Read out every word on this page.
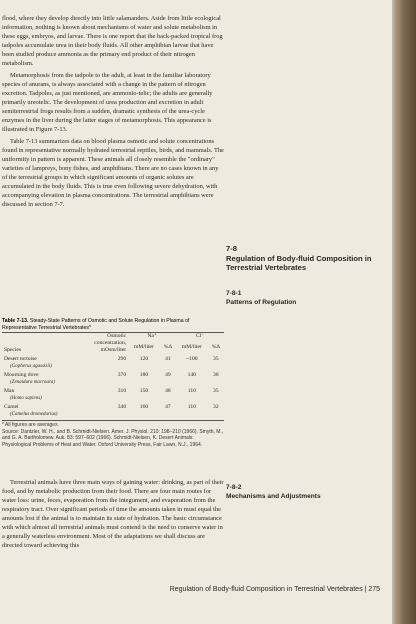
flood, where they develop directly into little salamanders. Aside from little ecological information, nothing is known about mechanisms of water and solute metabolism in these eggs, embryos, and larvae. There is one report that the back-packed tropical frog tadpoles accumulate urea in their body fluids. All other amphibian larvae that have been studied produce ammonia as the primary end product of their nitrogen metabolism.

Metamorphosis from the tadpole to the adult, at least in the familiar laboratory species of anurans, is always associated with a change in the pattern of nitrogen excretion. Tadpoles, as just mentioned, are ammonio-telic; the adults are generally primarily ureotelic. The development of urea production and excretion in adult semiterrestrial frogs results from a sudden, dramatic synthesis of the urea-cycle enzymes in the liver during the latter stages of metamorphosis. This appearance is illustrated in Figure 7-13.

Table 7-13 summarizes data on blood plasma osmotic and solute concentrations found in representative normally hydrated terrestrial reptiles, birds, and mammals. The uniformity in pattern is apparent. These animals all closely resemble the "ordinary" varieties of lampreys, bony fishes, and amphibians. There are no cases known in any of the terrestrial groups in which significant amounts of organic solutes are accumulated in the body fluids. This is true even following severe dehydration, with accompanying elevation in plasma concentrations. The terrestrial amphibians were discussed in section 7-7.

7-8
Regulation of Body-fluid Composition in Terrestrial Vertebrates
7-8-1
Patterns of Regulation
Table 7-13. Steady-State Patterns of Osmotic and Solute Regulation in Plasma of Representative Terrestrial Vertebrates*
Species	Osmotic concentration, mOsm/liter	Na⁺		Cl⁻	
		mM/liter	%Δ	mM/liter	%Δ
Desert tortoise
(Gopherus agassizii)	290	120	41	~100	35
Mourning dove
(Zenaidura macroura)	370	180	49	140	38
Man
(Homo sapiens)	310	150	48	110	35
Camel
(Camelus dromedarius)	340	160	47	110	32
* All figures are averages.
Source: Dantzler, W. H., and B. Schmidt-Nielsen. Amer. J. Physiol. 210: 198–210 (1966). Smyth, M., and G. A. Bartholomew. Auk. 83: 597–602 (1966). Schmidt-Nielsen, K. Desert Animals: Physiological Problems of Heat and Water. Oxford University Press, Fair Lawn, N.J., 1964.

Terrestrial animals have three main ways of gaining water: drinking, as part of their food, and by metabolic production from their food. There are four main routes for water loss: urine, feces, evaporation from the integument, and evaporation from the respiratory tract. Over significant periods of time the amounts taken in must equal the amounts lost if the animal is to maintain its state of hydration. The basic circumstance with which almost all terrestrial animals must contend is the need to conserve water in a generally waterless environment. Most of the adaptations we shall discuss are directed toward achieving this

7-8-2
Mechanisms and Adjustments
Regulation of Body-fluid Composition in Terrestrial Vertebrates | 275
